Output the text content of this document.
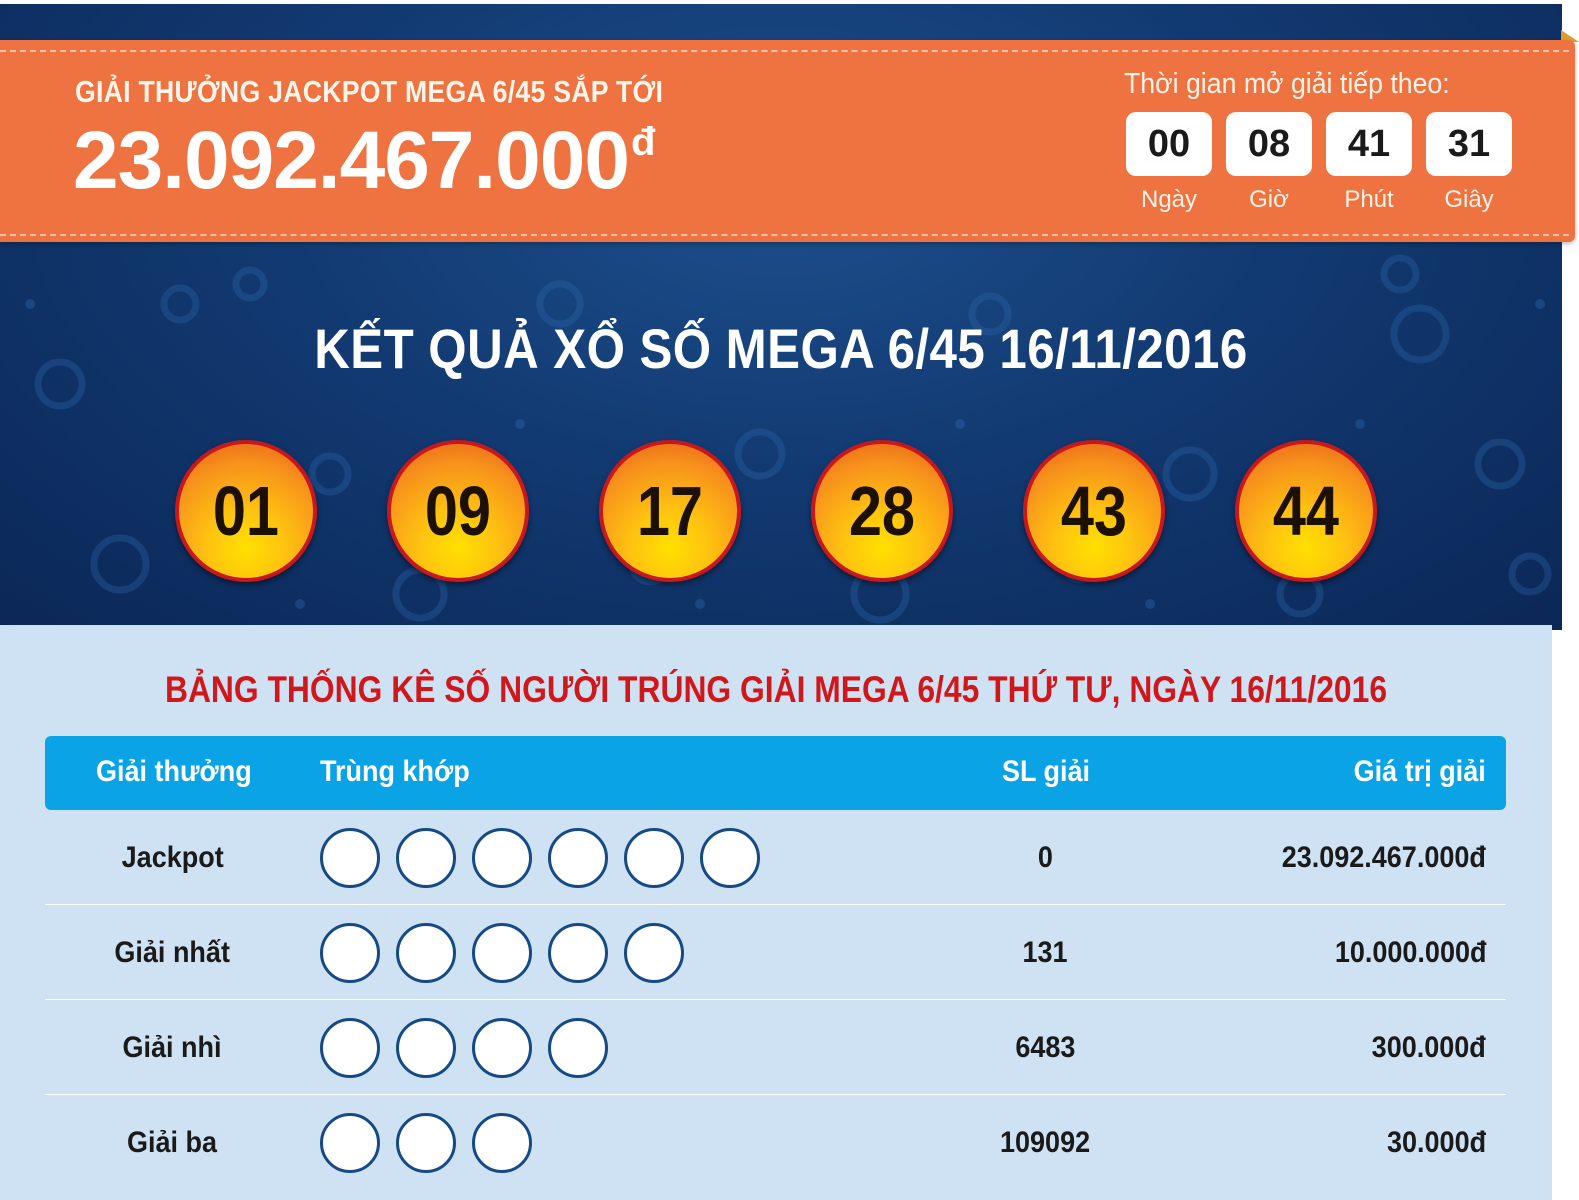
KẾT QUẢ XỔ SỐ MEGA 6/45 16/11/2016
01 09 17 28 43 44
GIẢI THƯỞNG JACKPOT MEGA 6/45 SẮP TỚI
$23.092.467.000^đ$
Thời gian mở giải tiếp theo:
00
Ngày
08
Giờ
41
Phút
31
Giây
BẢNG THỐNG KÊ SỐ NGƯỜI TRÚNG GIẢI MEGA 6/45 THỨ TƯ, NGÀY 16/11/2016
Giải thưởng Trùng khớp	SL giải	Giá trị giải
Jackpot	0	23.092.467.000đ
Giải nhất	131	10.000.000đ
Giải nhì	6483	300.000đ
Giải ba	109092	30.000đ
